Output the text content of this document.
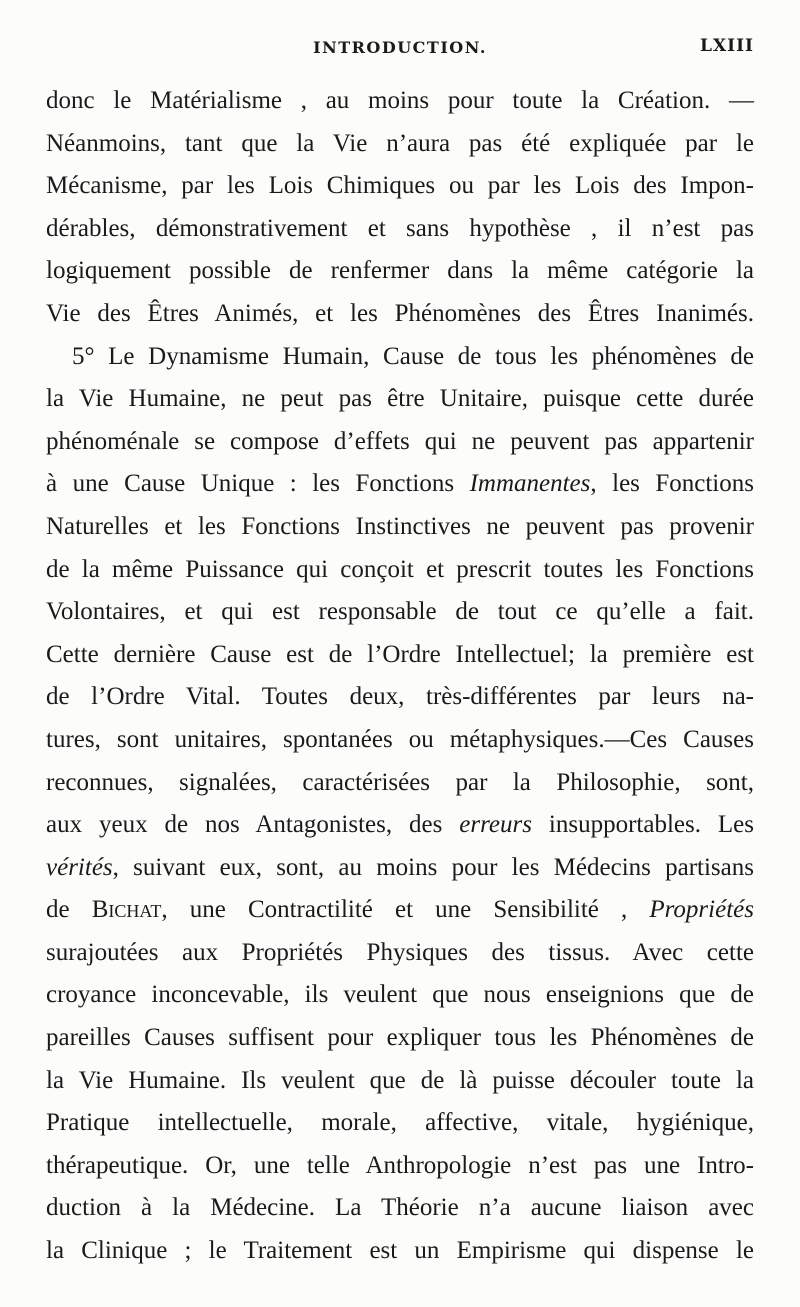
INTRODUCTION.	LXIII
donc le Matérialisme , au moins pour toute la Création. —
Néanmoins, tant que la Vie n’aura pas été expliquée par le
Mécanisme, par les Lois Chimiques ou par les Lois des Impon-
dérables, démonstrativement et sans hypothèse , il n’est pas
logiquement possible de renfermer dans la même catégorie la
Vie des Êtres Animés, et les Phénomènes des Êtres Inanimés.
5° Le Dynamisme Humain, Cause de tous les phénomènes de
la Vie Humaine, ne peut pas être Unitaire, puisque cette durée
phénoménale se compose d’effets qui ne peuvent pas appartenir
à une Cause Unique : les Fonctions Immanentes, les Fonctions
Naturelles et les Fonctions Instinctives ne peuvent pas provenir
de la même Puissance qui conçoit et prescrit toutes les Fonctions
Volontaires, et qui est responsable de tout ce qu’elle a fait.
Cette dernière Cause est de l’Ordre Intellectuel; la première est
de l’Ordre Vital. Toutes deux, très-différentes par leurs na-
tures, sont unitaires, spontanées ou métaphysiques.—Ces Causes
reconnues, signalées, caractérisées par la Philosophie, sont,
aux yeux de nos Antagonistes, des erreurs insupportables. Les
vérités, suivant eux, sont, au moins pour les Médecins partisans
de Bichat, une Contractilité et une Sensibilité , Propriétés
surajoutées aux Propriétés Physiques des tissus. Avec cette
croyance inconcevable, ils veulent que nous enseignions que de
pareilles Causes suffisent pour expliquer tous les Phénomènes de
la Vie Humaine. Ils veulent que de là puisse découler toute la
Pratique intellectuelle, morale, affective, vitale, hygiénique,
thérapeutique. Or, une telle Anthropologie n’est pas une Intro-
duction à la Médecine. La Théorie n’a aucune liaison avec
la Clinique ; le Traitement est un Empirisme qui dispense le
